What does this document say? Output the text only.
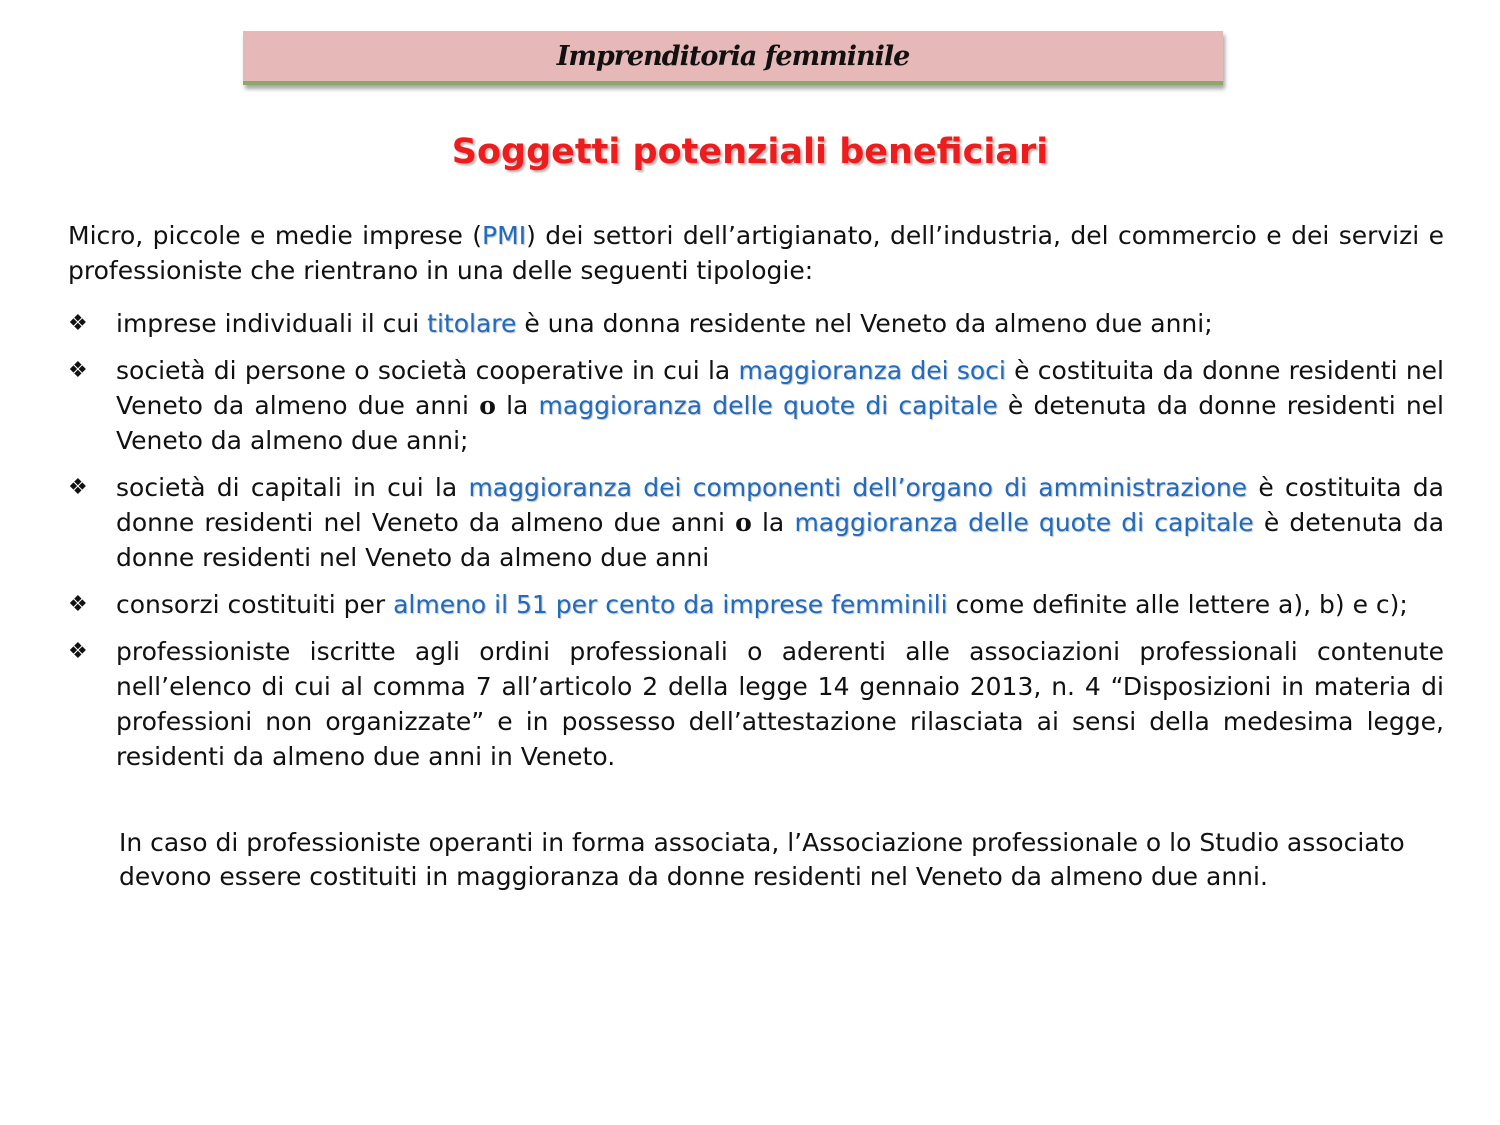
Imprenditoria femminile
Soggetti potenziali beneficiari

Micro, piccole e medie imprese (PMI) dei settori dell’artigianato, dell’industria, del commercio e dei servizi e professioniste che rientrano in una delle seguenti tipologie:

❖ imprese individuali il cui titolare è una donna residente nel Veneto da almeno due anni;
❖ società di persone o società cooperative in cui la maggioranza dei soci è costituita da donne residenti nel Veneto da almeno due anni o la maggioranza delle quote di capitale è detenuta da donne residenti nel Veneto da almeno due anni;
❖ società di capitali in cui la maggioranza dei componenti dell’organo di amministrazione è costituita da donne residenti nel Veneto da almeno due anni o la maggioranza delle quote di capitale è detenuta da donne residenti nel Veneto da almeno due anni
❖ consorzi costituiti per almeno il 51 per cento da imprese femminili come definite alle lettere a), b) e c);
❖ professioniste iscritte agli ordini professionali o aderenti alle associazioni professionali contenute nell’elenco di cui al comma 7 all’articolo 2 della legge 14 gennaio 2013, n. 4 “Disposizioni in materia di professioni non organizzate” e in possesso dell’attestazione rilasciata ai sensi della medesima legge, residenti da almeno due anni in Veneto.
In caso di professioniste operanti in forma associata, l’Associazione professionale o lo Studio associato devono essere costituiti in maggioranza da donne residenti nel Veneto da almeno due anni.
